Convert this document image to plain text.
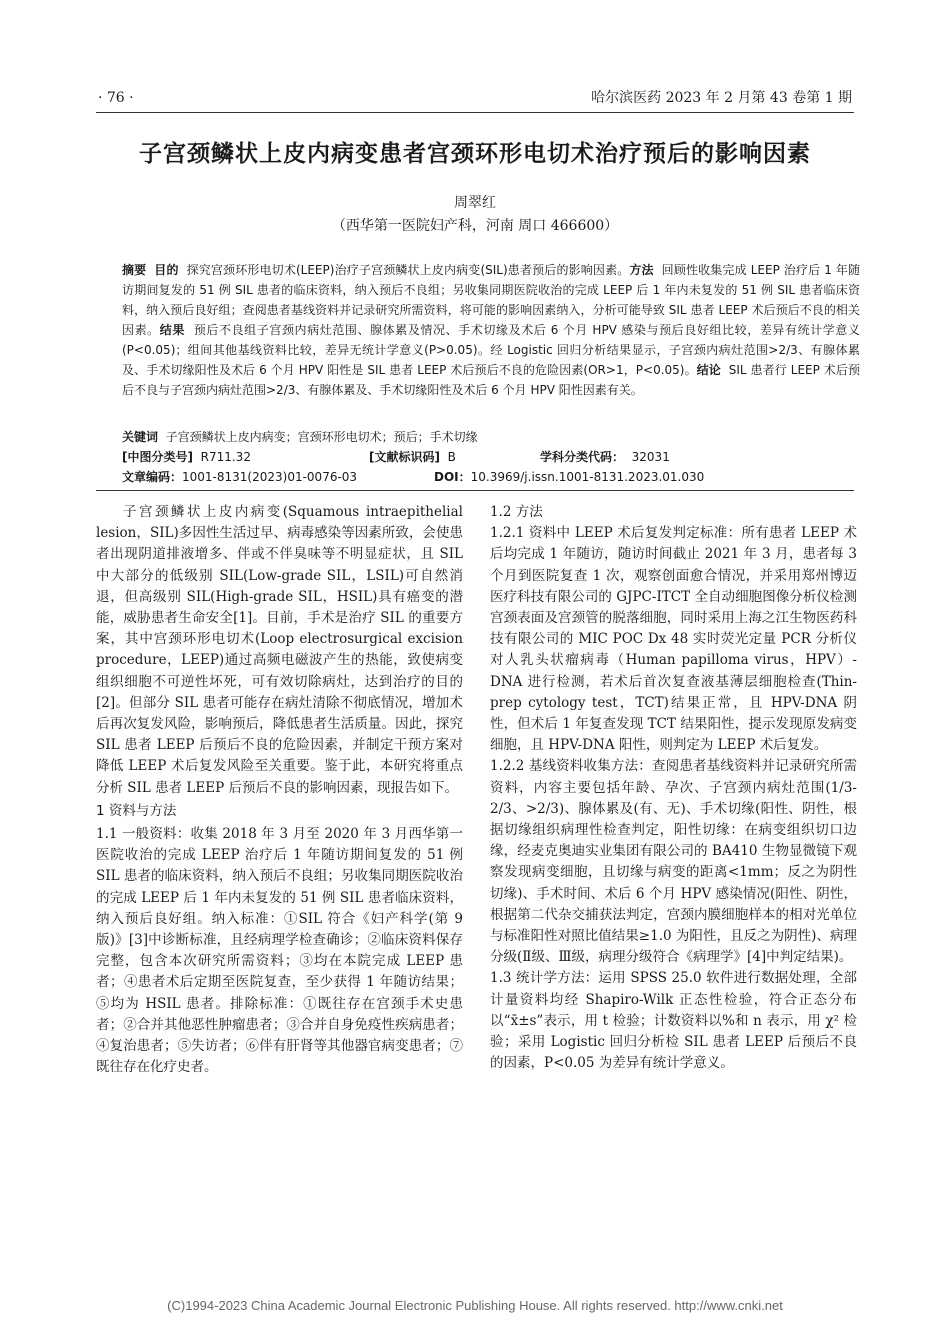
· 76 ·	哈尔滨医药 2023 年 2 月第 43 卷第 1 期
子宫颈鳞状上皮内病变患者宫颈环形电切术治疗预后的影响因素
周翠红
（西华第一医院妇产科，河南 周口 466600）
摘要 目的 探究宫颈环形电切术(LEEP)治疗子宫颈鳞状上皮内病变(SIL)患者预后的影响因素。方法 回顾性收集完成 LEEP 治疗后 1 年随访期间复发的 51 例 SIL 患者的临床资料，纳入预后不良组；另收集同期医院收治的完成 LEEP 后 1 年内未复发的 51 例 SIL 患者临床资料，纳入预后良好组；查阅患者基线资料并记录研究所需资料，将可能的影响因素纳入，分析可能导致 SIL 患者 LEEP 术后预后不良的相关因素。结果 预后不良组子宫颈内病灶范围、腺体累及情况、手术切缘及术后 6 个月 HPV 感染与预后良好组比较，差异有统计学意义(P<0.05)；组间其他基线资料比较，差异无统计学意义(P>0.05)。经 Logistic 回归分析结果显示，子宫颈内病灶范围>2/3、有腺体累及、手术切缘阳性及术后 6 个月 HPV 阳性是 SIL 患者 LEEP 术后预后不良的危险因素(OR>1，P<0.05)。结论 SIL 患者行 LEEP 术后预后不良与子宫颈内病灶范围>2/3、有腺体累及、手术切缘阳性及术后 6 个月 HPV 阳性因素有关。
关键词 子宫颈鳞状上皮内病变；宫颈环形电切术；预后；手术切缘
[中图分类号] R711.32	[文献标识码] B	学科分类代码： 32031
文章编码：1001-8131(2023)01-0076-03	DOI：10.3969/j.issn.1001-8131.2023.01.030

子宫颈鳞状上皮内病变(Squamous intraepithelial lesion，SIL)多因性生活过早、病毒感染等因素所致，会使患者出现阴道排液增多、伴或不伴臭味等不明显症状，且 SIL 中大部分的低级别 SIL(Low-grade SIL，LSIL)可自然消退，但高级别 SIL(High-grade SIL，HSIL)具有癌变的潜能，威胁患者生命安全[1]。目前，手术是治疗 SIL 的重要方案，其中宫颈环形电切术(Loop electrosurgical excision procedure，LEEP)通过高频电磁波产生的热能，致使病变组织细胞不可逆性坏死，可有效切除病灶，达到治疗的目的[2]。但部分 SIL 患者可能存在病灶清除不彻底情况，增加术后再次复发风险，影响预后，降低患者生活质量。因此，探究 SIL 患者 LEEP 后预后不良的危险因素，并制定干预方案对降低 LEEP 术后复发风险至关重要。鉴于此，本研究将重点分析 SIL 患者 LEEP 后预后不良的影响因素，现报告如下。

1 资料与方法

1.1 一般资料：收集 2018 年 3 月至 2020 年 3 月西华第一医院收治的完成 LEEP 治疗后 1 年随访期间复发的 51 例 SIL 患者的临床资料，纳入预后不良组；另收集同期医院收治的完成 LEEP 后 1 年内未复发的 51 例 SIL 患者临床资料，纳入预后良好组。纳入标准：①SIL 符合《妇产科学(第 9 版)》[3]中诊断标准，且经病理学检查确诊；②临床资料保存完整，包含本次研究所需资料；③均在本院完成 LEEP 患者；④患者术后定期至医院复查，至少获得 1 年随访结果；⑤均为 HSIL 患者。排除标准：①既往存在宫颈手术史患者；②合并其他恶性肿瘤患者；③合并自身免疫性疾病患者；④复治患者；⑤失访者；⑥伴有肝肾等其他器官病变患者；⑦既往存在化疗史者。

1.2 方法

1.2.1 资料中 LEEP 术后复发判定标准：所有患者 LEEP 术后均完成 1 年随访，随访时间截止 2021 年 3 月，患者每 3 个月到医院复查 1 次，观察创面愈合情况，并采用郑州博迈医疗科技有限公司的 GJPC-ITCT 全自动细胞图像分析仪检测宫颈表面及宫颈管的脱落细胞，同时采用上海之江生物医药科技有限公司的 MIC POC Dx 48 实时荧光定量 PCR 分析仪对人乳头状瘤病毒（Human papilloma virus，HPV）-DNA 进行检测，若术后首次复查液基薄层细胞检查(Thin-prep cytology test，TCT)结果正常，且 HPV-DNA 阴性，但术后 1 年复查发现 TCT 结果阳性，提示发现原发病变细胞，且 HPV-DNA 阳性，则判定为 LEEP 术后复发。

1.2.2 基线资料收集方法：查阅患者基线资料并记录研究所需资料，内容主要包括年龄、孕次、子宫颈内病灶范围(1/3-2/3、>2/3)、腺体累及(有、无)、手术切缘(阳性、阴性，根据切缘组织病理性检查判定，阳性切缘：在病变组织切口边缘，经麦克奥迪实业集团有限公司的 BA410 生物显微镜下观察发现病变细胞，且切缘与病变的距离<1mm；反之为阴性切缘)、手术时间、术后 6 个月 HPV 感染情况(阳性、阴性，根据第二代杂交捕获法判定，宫颈内膜细胞样本的相对光单位与标准阳性对照比值结果≥1.0 为阳性，且反之为阴性)、病理分级(Ⅱ级、Ⅲ级，病理分级符合《病理学》[4]中判定结果)。

1.3 统计学方法：运用 SPSS 25.0 软件进行数据处理，全部计量资料均经 Shapiro-Wilk 正态性检验，符合正态分布以“x̄±s”表示，用 t 检验；计数资料以%和 n 表示，用 χ² 检验；采用 Logistic 回归分析检 SIL 患者 LEEP 后预后不良的因素，P<0.05 为差异有统计学意义。

(C)1994-2023 China Academic Journal Electronic Publishing House. All rights reserved. http://www.cnki.net
